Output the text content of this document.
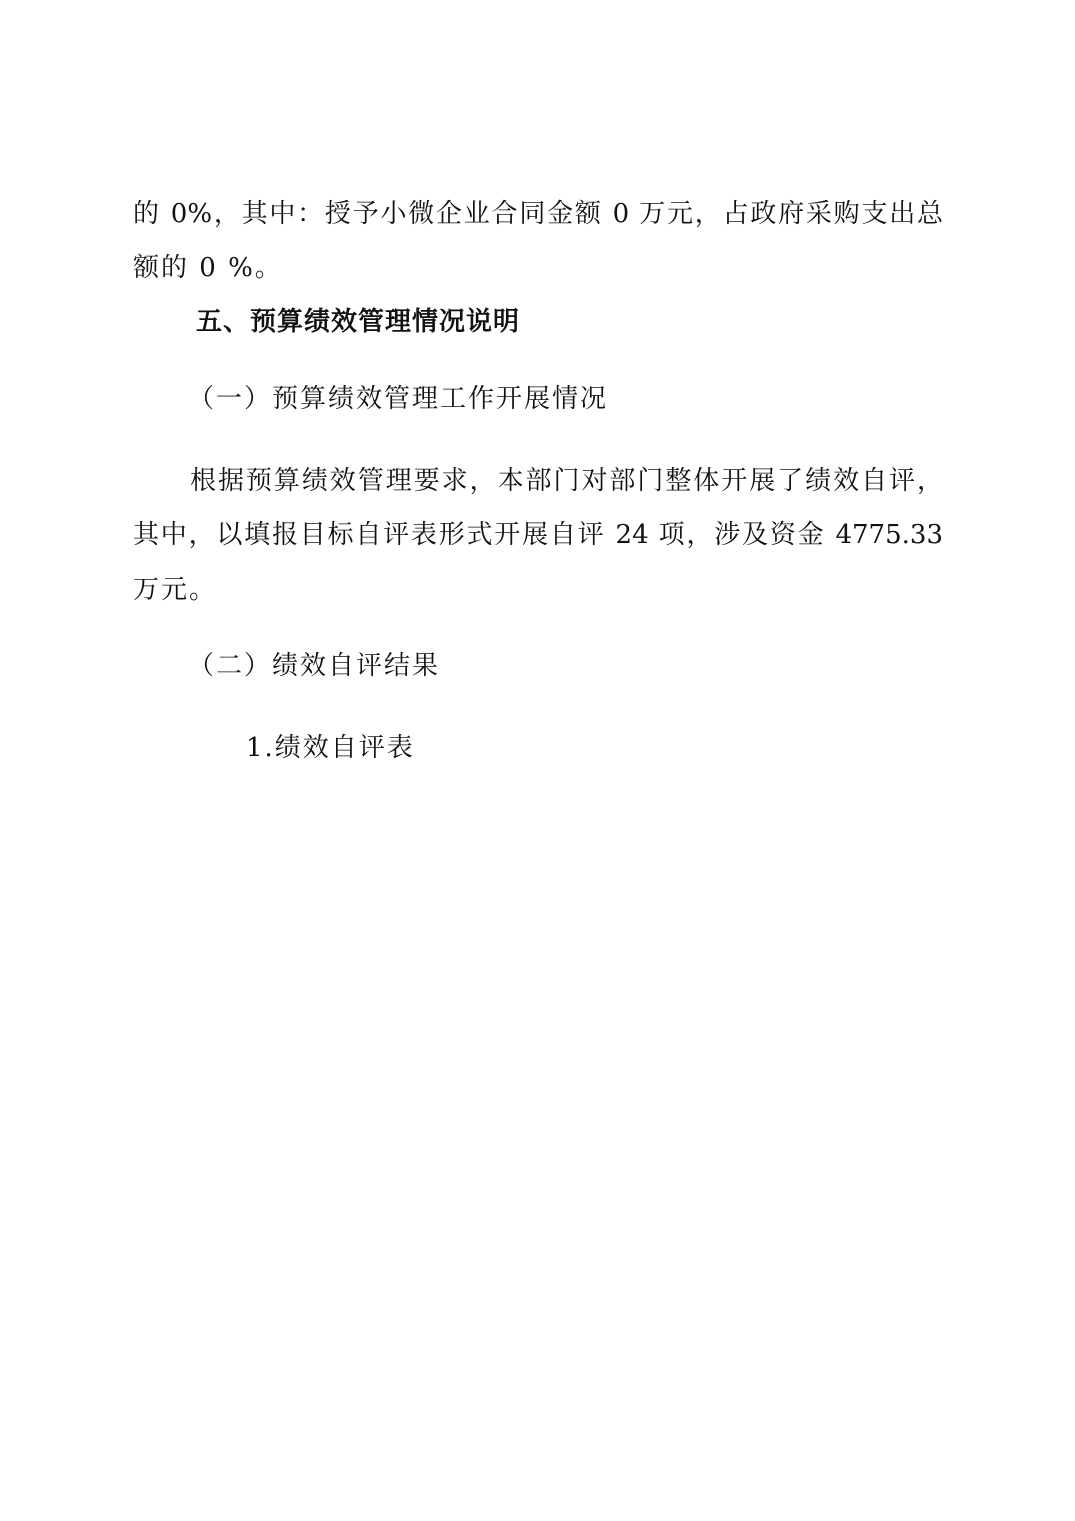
的 0%，其中：授予小微企业合同金额 0 万元，占政府采购支出总
额的 0 %。
五、预算绩效管理情况说明
（一）预算绩效管理工作开展情况
根据预算绩效管理要求，本部门对部门整体开展了绩效自评，
其中，以填报目标自评表形式开展自评 24 项，涉及资金 4775.33
万元。
（二）绩效自评结果
1.绩效自评表
